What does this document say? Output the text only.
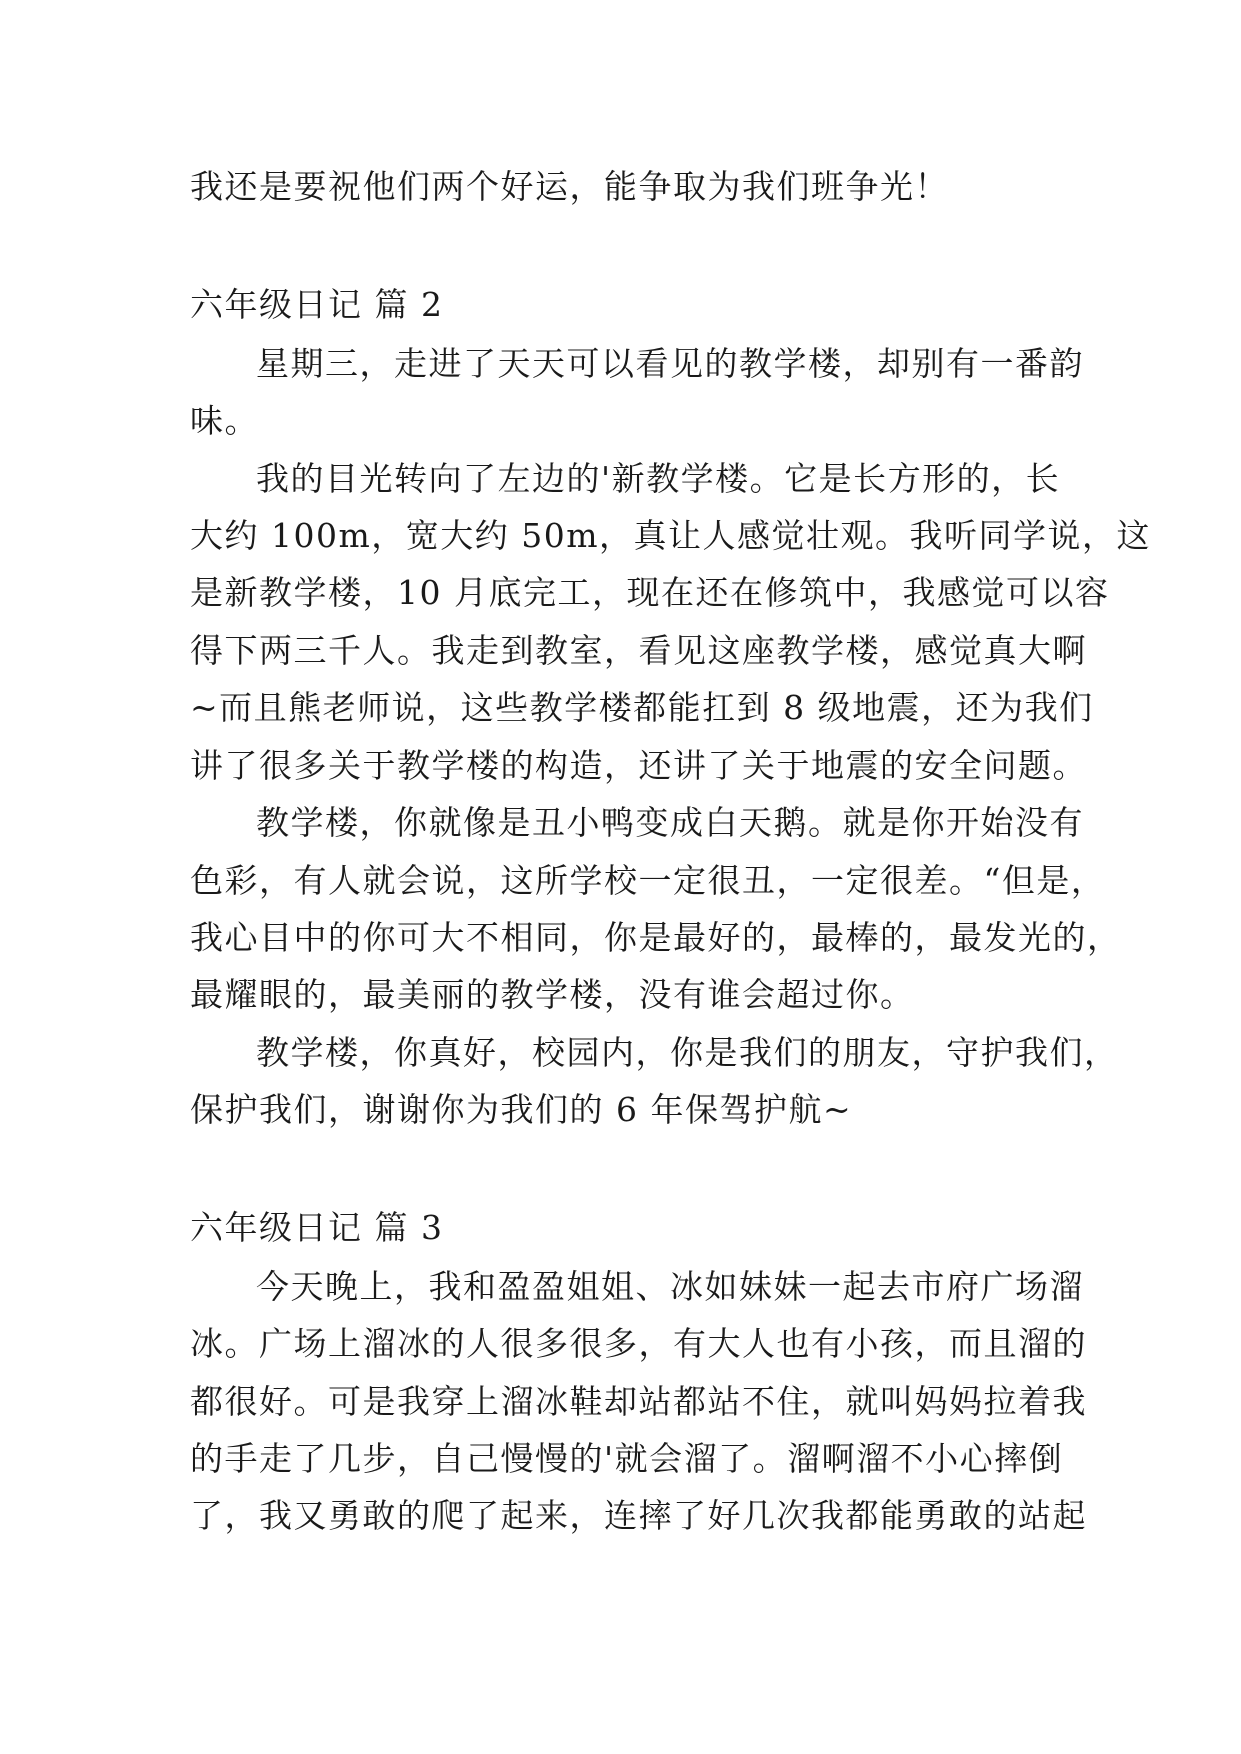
我还是要祝他们两个好运，能争取为我们班争光！
六年级日记 篇 2
星期三，走进了天天可以看见的教学楼，却别有一番韵
味。
我的目光转向了左边的'新教学楼。它是长方形的，长
大约 100m，宽大约 50m，真让人感觉壮观。我听同学说，这
是新教学楼，10 月底完工，现在还在修筑中，我感觉可以容
得下两三千人。我走到教室，看见这座教学楼，感觉真大啊
~而且熊老师说，这些教学楼都能扛到 8 级地震，还为我们
讲了很多关于教学楼的构造，还讲了关于地震的安全问题。
教学楼，你就像是丑小鸭变成白天鹅。就是你开始没有
色彩，有人就会说，这所学校一定很丑，一定很差。“但是，
我心目中的你可大不相同，你是最好的，最棒的，最发光的，
最耀眼的，最美丽的教学楼，没有谁会超过你。
教学楼，你真好，校园内，你是我们的朋友，守护我们，
保护我们，谢谢你为我们的 6 年保驾护航~
六年级日记 篇 3
今天晚上，我和盈盈姐姐、冰如妹妹一起去市府广场溜
冰。广场上溜冰的人很多很多，有大人也有小孩，而且溜的
都很好。可是我穿上溜冰鞋却站都站不住，就叫妈妈拉着我
的手走了几步，自己慢慢的'就会溜了。溜啊溜不小心摔倒
了，我又勇敢的爬了起来，连摔了好几次我都能勇敢的站起
